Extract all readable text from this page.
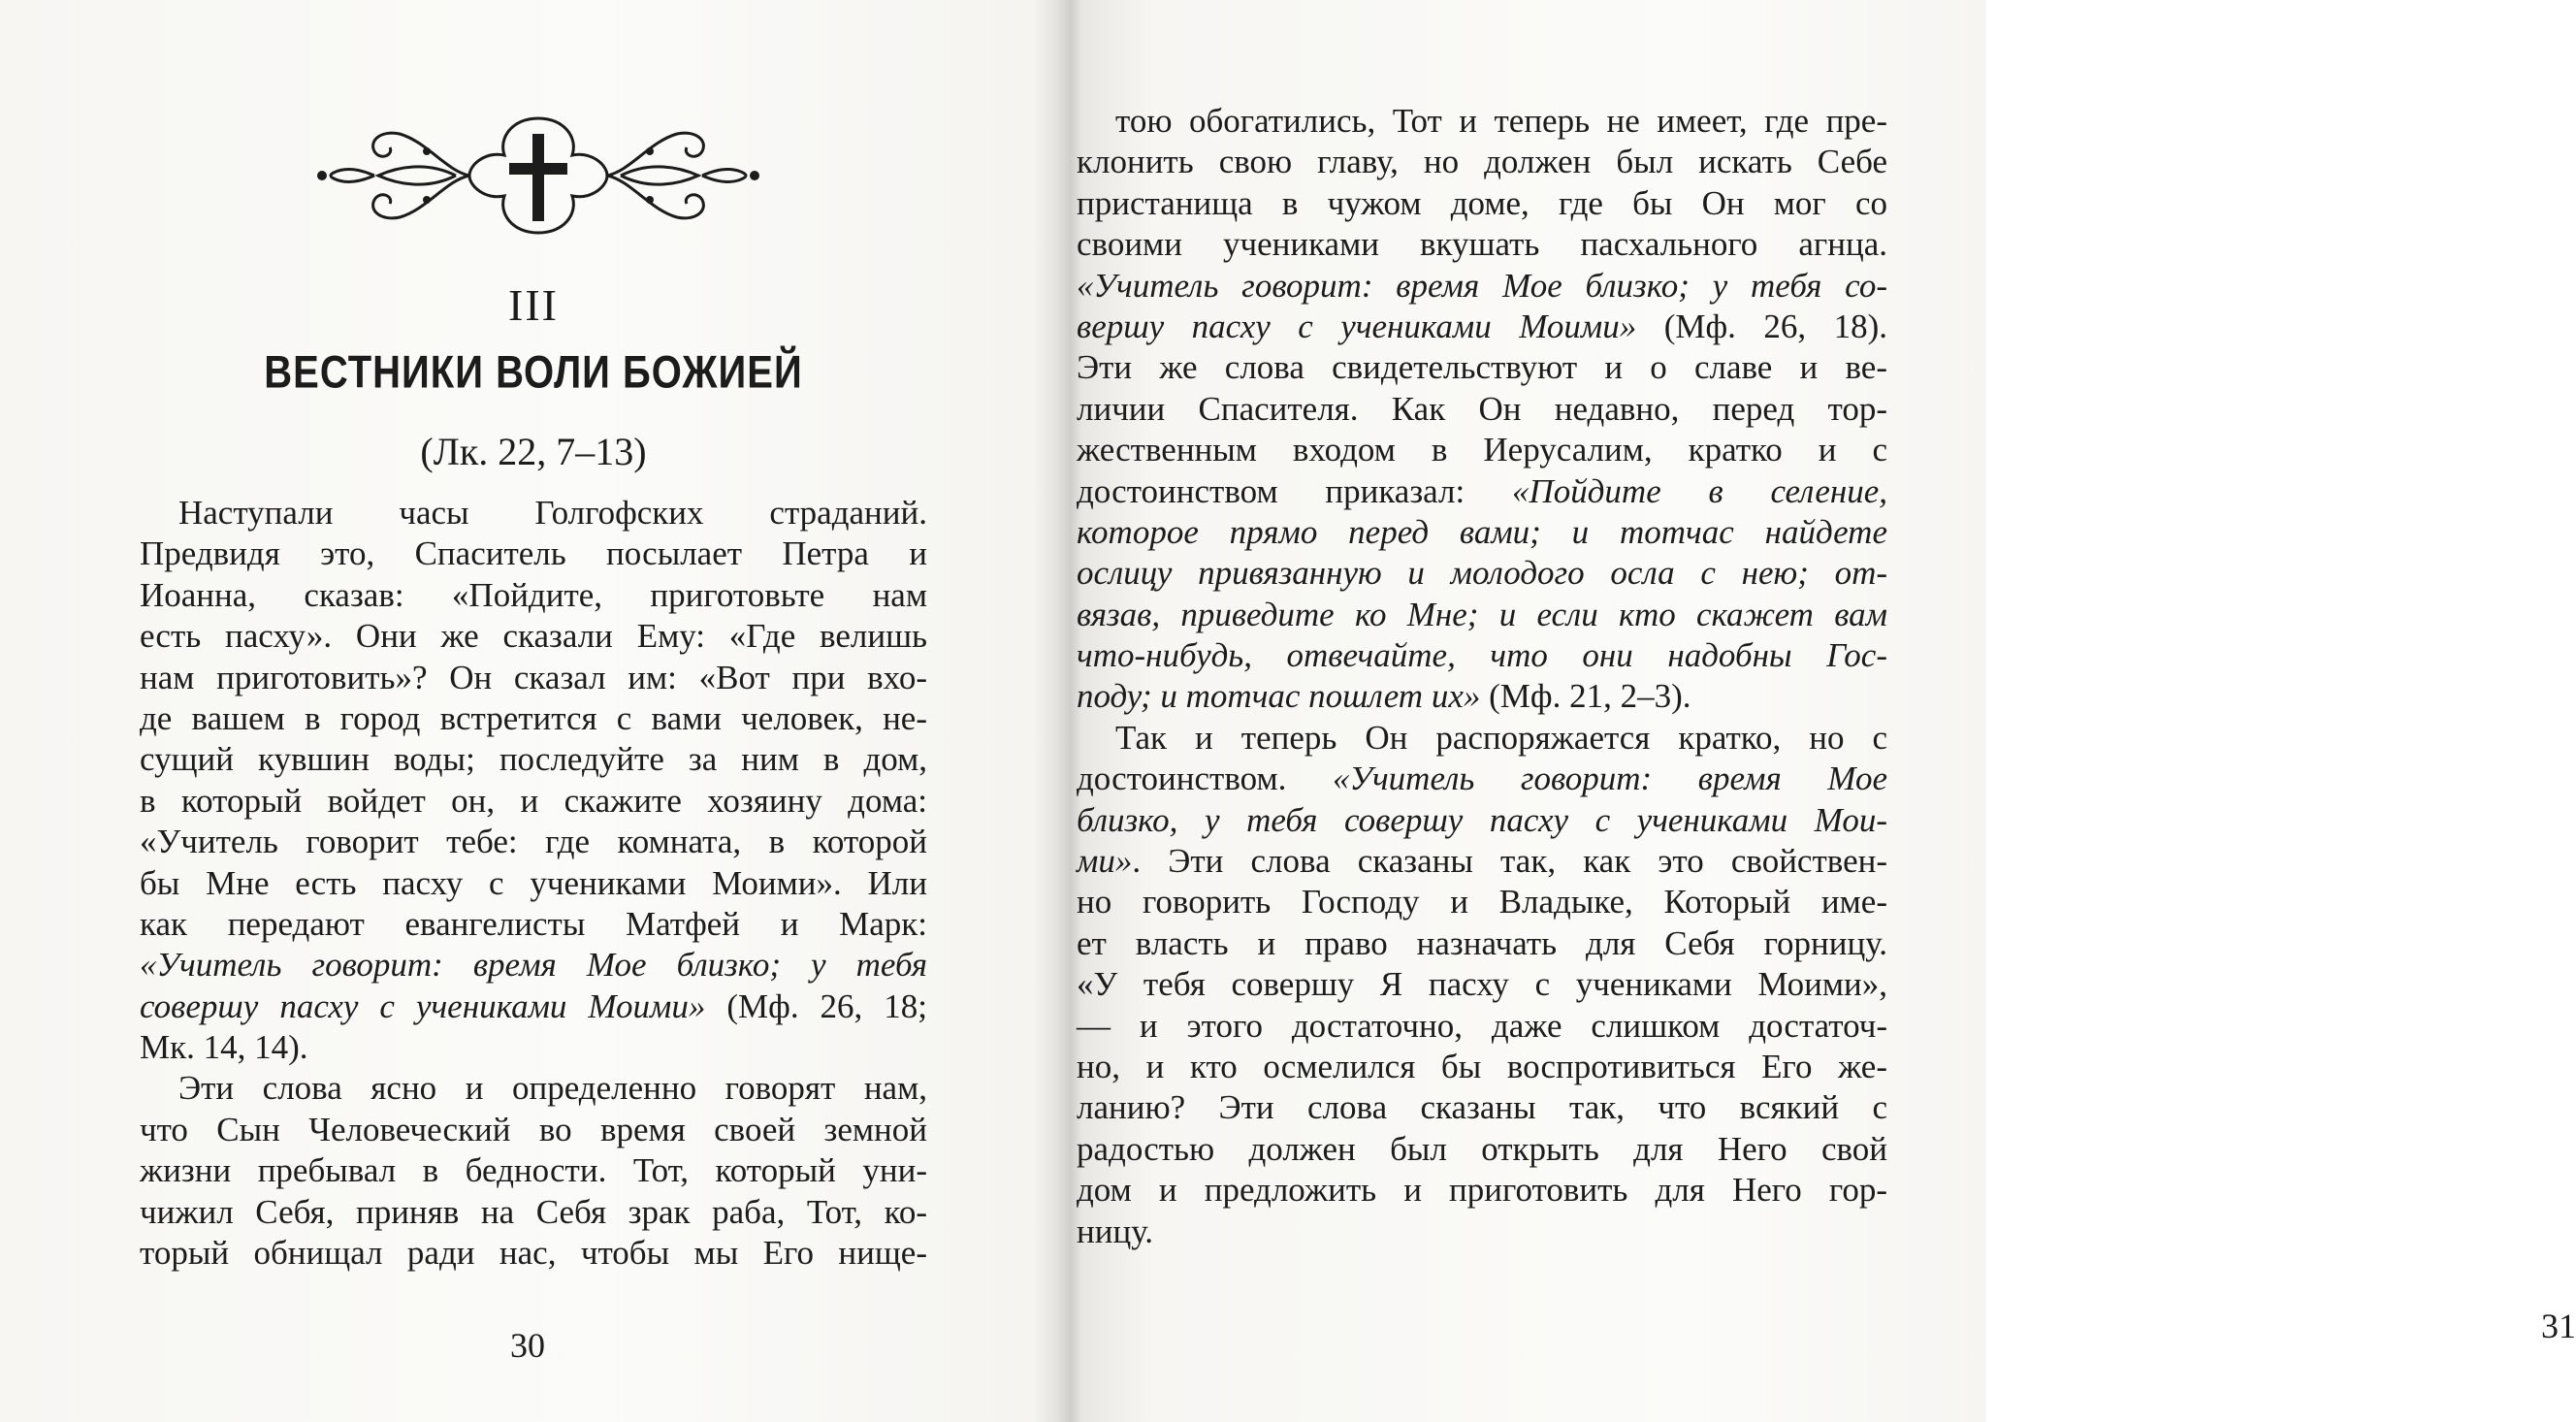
III
ВЕСТНИКИ ВОЛИ БОЖИЕЙ
(Лк. 22, 7–13)
Наступали часы Голгофских страданий.
Предвидя это, Спаситель посылает Петра и
Иоанна, сказав: «Пойдите, приготовьте нам
есть пасху». Они же сказали Ему: «Где велишь
нам приготовить»? Он сказал им: «Вот при вхо-
де вашем в город встретится с вами человек, не-
сущий кувшин воды; последуйте за ним в дом,
в который войдет он, и скажите хозяину дома:
«Учитель говорит тебе: где комната, в которой
бы Мне есть пасху с учениками Моими». Или
как передают евангелисты Матфей и Марк:
«Учитель говорит: время Мое близко; у тебя
совершу пасху с учениками Моими» (Мф. 26, 18;
Мк. 14, 14).
Эти слова ясно и определенно говорят нам,
что Сын Человеческий во время своей земной
жизни пребывал в бедности. Тот, который уни-
чижил Себя, приняв на Себя зрак раба, Тот, ко-
торый обнищал ради нас, чтобы мы Его нище-
30
тою обогатились, Тот и теперь не имеет, где пре-
клонить свою главу, но должен был искать Себе
пристанища в чужом доме, где бы Он мог со
своими учениками вкушать пасхального агнца.
«Учитель говорит: время Мое близко; у тебя со-
вершу пасху с учениками Моими» (Мф. 26, 18).
Эти же слова свидетельствуют и о славе и ве-
личии Спасителя. Как Он недавно, перед тор-
жественным входом в Иерусалим, кратко и с
достоинством приказал: «Пойдите в селение,
которое прямо перед вами; и тотчас найдете
ослицу привязанную и молодого осла с нею; от-
вязав, приведите ко Мне; и если кто скажет вам
что-нибудь, отвечайте, что они надобны Гос-
поду; и тотчас пошлет их» (Мф. 21, 2–3).
Так и теперь Он распоряжается кратко, но с
достоинством. «Учитель говорит: время Мое
близко, у тебя совершу пасху с учениками Мои-
ми». Эти слова сказаны так, как это свойствен-
но говорить Господу и Владыке, Который име-
ет власть и право назначать для Себя горницу.
«У тебя совершу Я пасху с учениками Моими»,
— и этого достаточно, даже слишком достаточ-
но, и кто осмелился бы воспротивиться Его же-
ланию? Эти слова сказаны так, что всякий с
радостью должен был открыть для Него свой
дом и предложить и приготовить для Него гор-
ницу.
31
